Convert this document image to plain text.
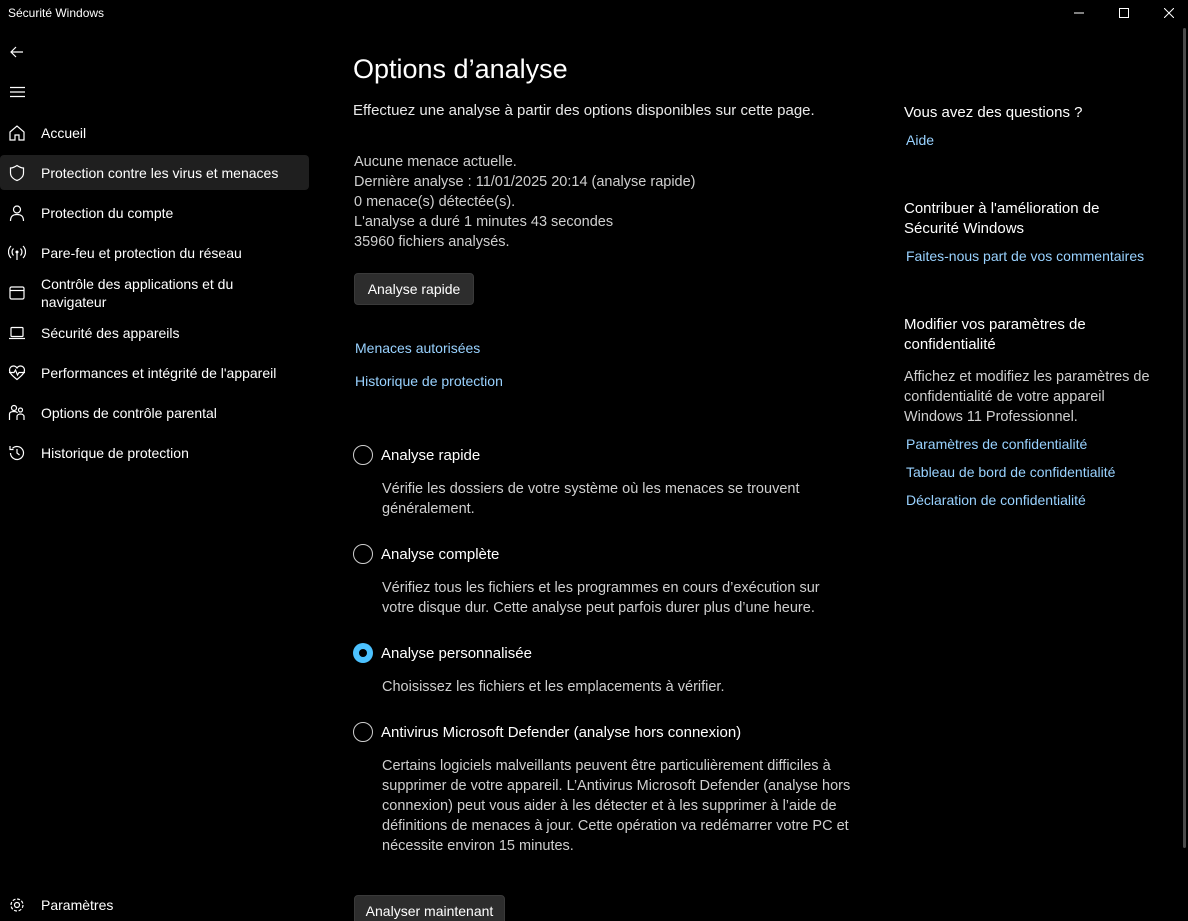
Sécurité Windows
Accueil
Protection contre les virus et menaces
Protection du compte
Pare-feu et protection du réseau
Contrôle des applications et du navigateur
Sécurité des appareils
Performances et intégrité de l'appareil
Options de contrôle parental
Historique de protection
Paramètres
Options d’analyse
Effectuez une analyse à partir des options disponibles sur cette page.
Aucune menace actuelle.
Dernière analyse : 11/01/2025 20:14 (analyse rapide)
0 menace(s) détectée(s).
L'analyse a duré 1 minutes 43 secondes
35960 fichiers analysés.
Analyse rapide
Menaces autorisées
Historique de protection
Analyse rapide
Vérifie les dossiers de votre système où les menaces se trouvent généralement.
Analyse complète
Vérifiez tous les fichiers et les programmes en cours d’exécution sur votre disque dur. Cette analyse peut parfois durer plus d’une heure.
Analyse personnalisée
Choisissez les fichiers et les emplacements à vérifier.
Antivirus Microsoft Defender (analyse hors connexion)
Certains logiciels malveillants peuvent être particulièrement difficiles à supprimer de votre appareil. L’Antivirus Microsoft Defender (analyse hors connexion) peut vous aider à les détecter et à les supprimer à l’aide de définitions de menaces à jour. Cette opération va redémarrer votre PC et nécessite environ 15 minutes.
Analyser maintenant
Vous avez des questions ?
Aide
Contribuer à l'amélioration de Sécurité Windows
Faites-nous part de vos commentaires
Modifier vos paramètres de confidentialité
Affichez et modifiez les paramètres de confidentialité de votre appareil Windows 11 Professionnel.
Paramètres de confidentialité
Tableau de bord de confidentialité
Déclaration de confidentialité
